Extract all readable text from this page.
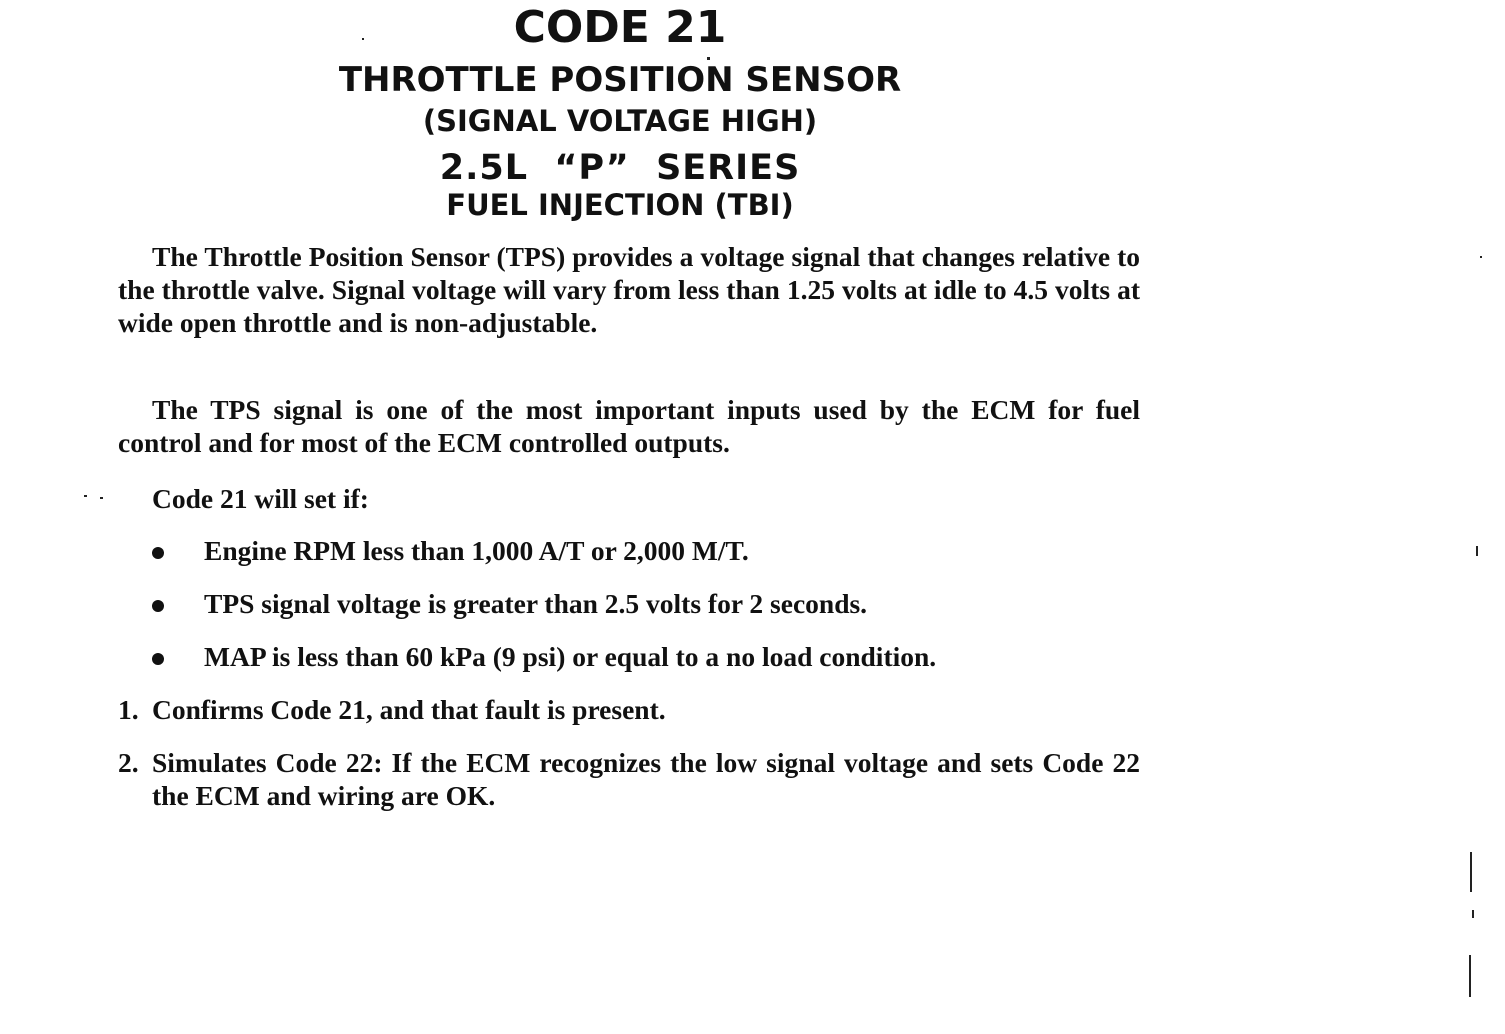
CODE 21
THROTTLE POSITION SENSOR
(SIGNAL VOLTAGE HIGH)
2.5L  “P”  SERIES
FUEL INJECTION (TBI)
The Throttle Position Sensor (TPS) provides a voltage signal that changes relative to the throttle valve. Signal voltage will vary from less than 1.25 volts at idle to 4.5 volts at wide open throttle and is non-adjustable.
The TPS signal is one of the most important inputs used by the ECM for fuel control and for most of the ECM controlled outputs.
Code 21 will set if:
Engine RPM less than 1,000 A/T or 2,000 M/T.
TPS signal voltage is greater than 2.5 volts for 2 seconds.
MAP is less than 60 kPa (9 psi) or equal to a no load condition.
1. Confirms Code 21, and that fault is present.
2. Simulates Code 22: If the ECM recognizes the low signal voltage and sets Code 22 the ECM and wiring are OK.
